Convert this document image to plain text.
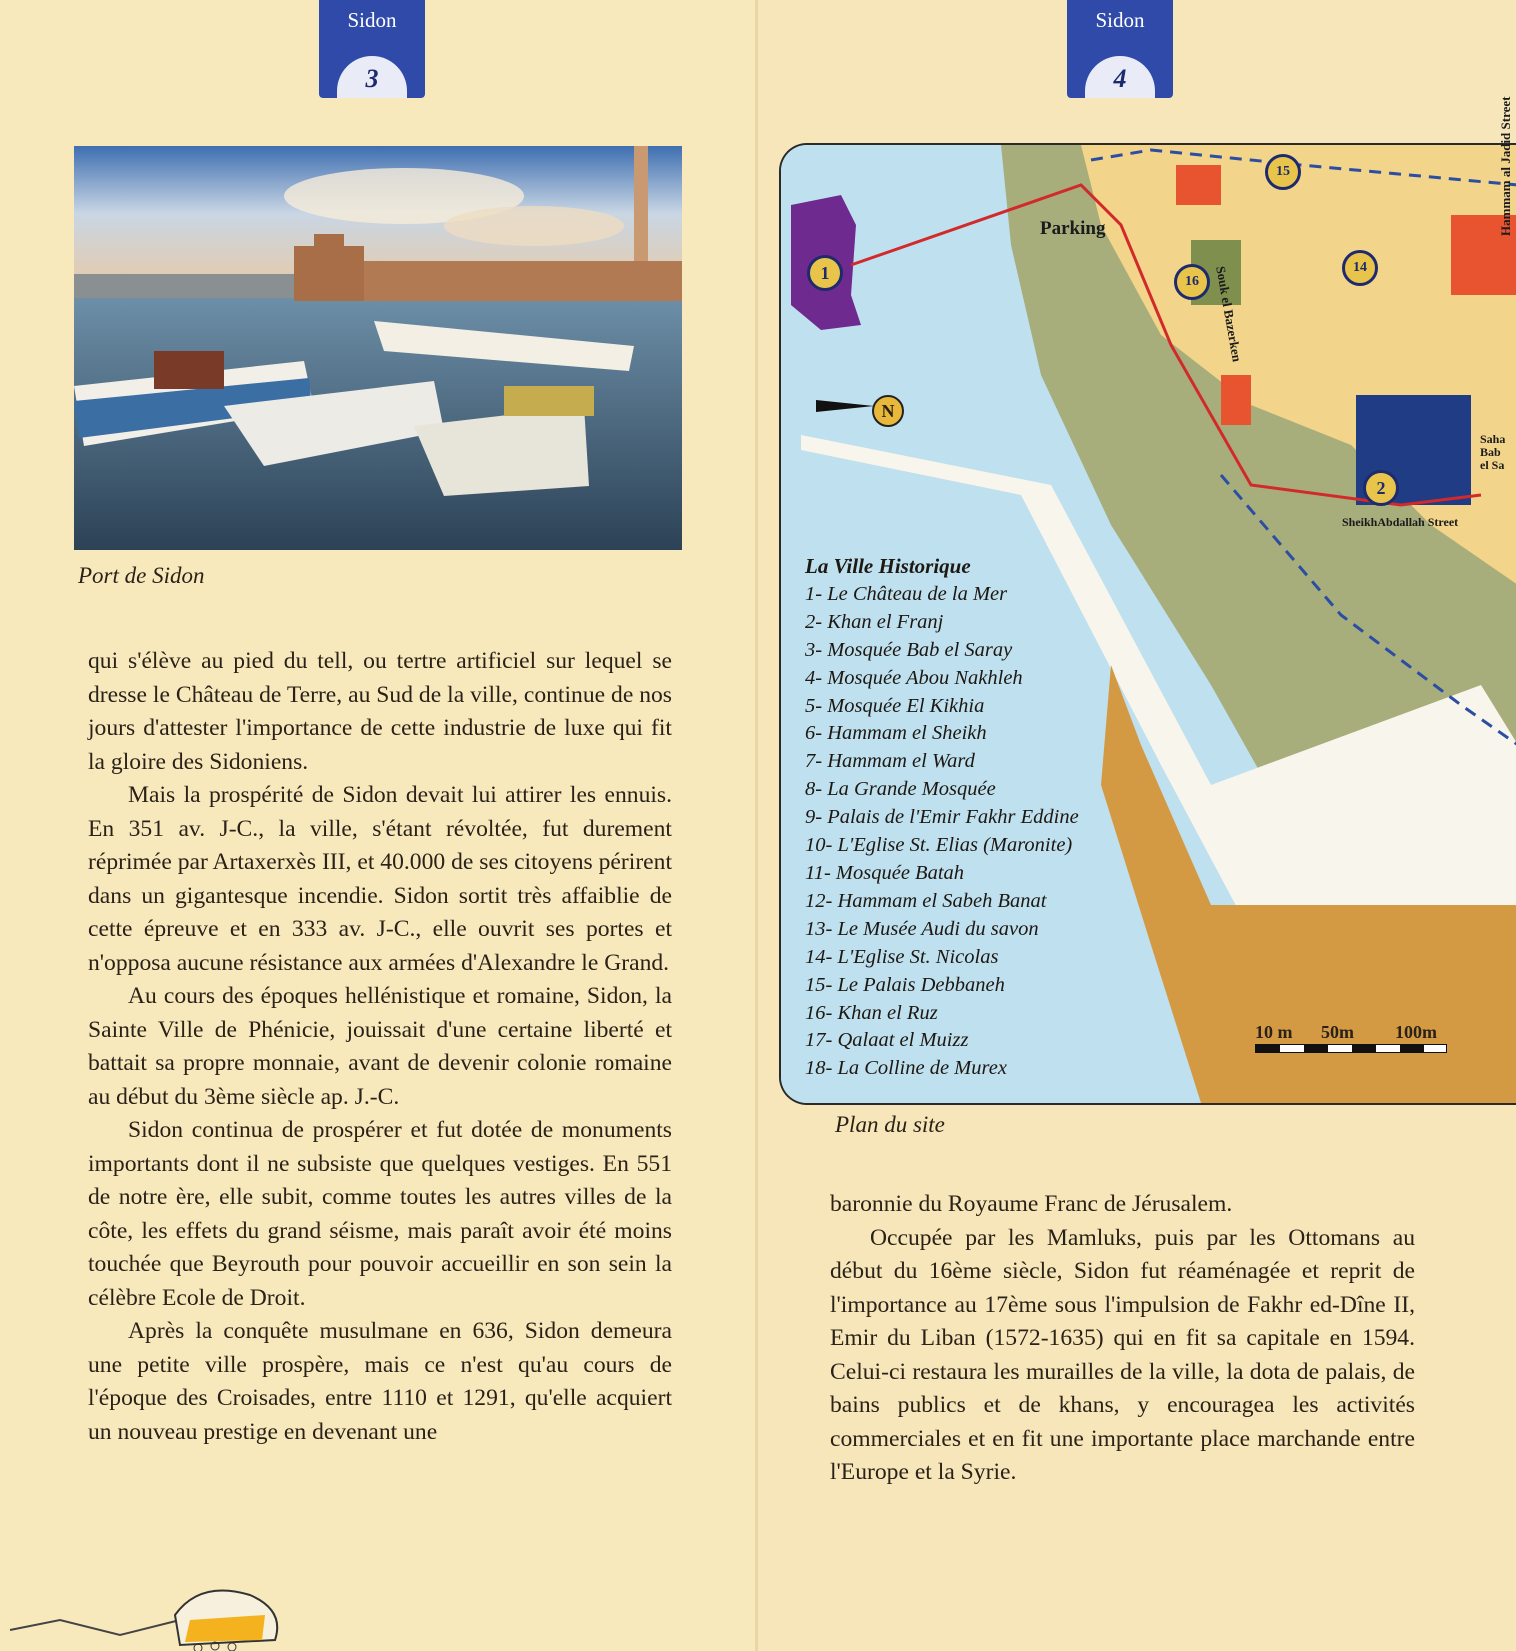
Sidon
3
Port de Sidon

qui s'élève au pied du tell, ou tertre artificiel sur lequel se dresse le Château de Terre, au Sud de la ville, continue de nos jours d'attester l'importance de cette industrie de luxe qui fit la gloire des Sidoniens.

Mais la prospérité de Sidon devait lui attirer les ennuis. En 351 av. J-C., la ville, s'étant révoltée, fut durement réprimée par Artaxerxès III, et 40.000 de ses citoyens périrent dans un gigantesque incendie. Sidon sortit très affaiblie de cette épreuve et en 333 av. J-C., elle ouvrit ses portes et n'opposa aucune résistance aux armées d'Alexandre le Grand.

Au cours des époques hellénistique et romaine, Sidon, la Sainte Ville de Phénicie, jouissait d'une certaine liberté et battait sa propre monnaie, avant de devenir colonie romaine au début du 3ème siècle ap. J.-C.

Sidon continua de prospérer et fut dotée de monuments importants dont il ne subsiste que quelques vestiges. En 551 de notre ère, elle subit, comme toutes les autres villes de la côte, les effets du grand séisme, mais paraît avoir été moins touchée que Beyrouth pour pouvoir accueillir en son sein la célèbre Ecole de Droit.

Après la conquête musulmane en 636, Sidon demeura une petite ville prospère, mais ce n'est qu'au cours de l'époque des Croisades, entre 1110 et 1291, qu'elle acquiert un nouveau prestige en devenant une

Sidon
4
Parking
Souk el Bazerken
Hammam al Jadid Street
SheikhAbdallah Street
Saha
Bab
el Sa
1
2
14
15
16
N
La Ville Historique
1- Le Château de la Mer
2- Khan el Franj
3- Mosquée Bab el Saray
4- Mosquée Abou Nakhleh
5- Mosquée El Kikhia
6- Hammam el Sheikh
7- Hammam el Ward
8- La Grande Mosquée
9- Palais de l'Emir Fakhr Eddine
10- L'Eglise St. Elias (Maronite)
11- Mosquée Batah
12- Hammam el Sabeh Banat
13- Le Musée Audi du savon
14- L'Eglise St. Nicolas
15- Le Palais Debbaneh
16- Khan el Ruz
17- Qalaat el Muizz
18- La Colline de Murex
10 m 50m 100m
Plan du site

baronnie du Royaume Franc de Jérusalem.

Occupée par les Mamluks, puis par les Ottomans au début du 16ème siècle, Sidon fut réaménagée et reprit de l'importance au 17ème sous l'impulsion de Fakhr ed-Dîne II, Emir du Liban (1572-1635) qui en fit sa capitale en 1594. Celui-ci restaura les murailles de la ville, la dota de palais, de bains publics et de khans, y encouragea les activités commerciales et en fit une importante place marchande entre l'Europe et la Syrie.
